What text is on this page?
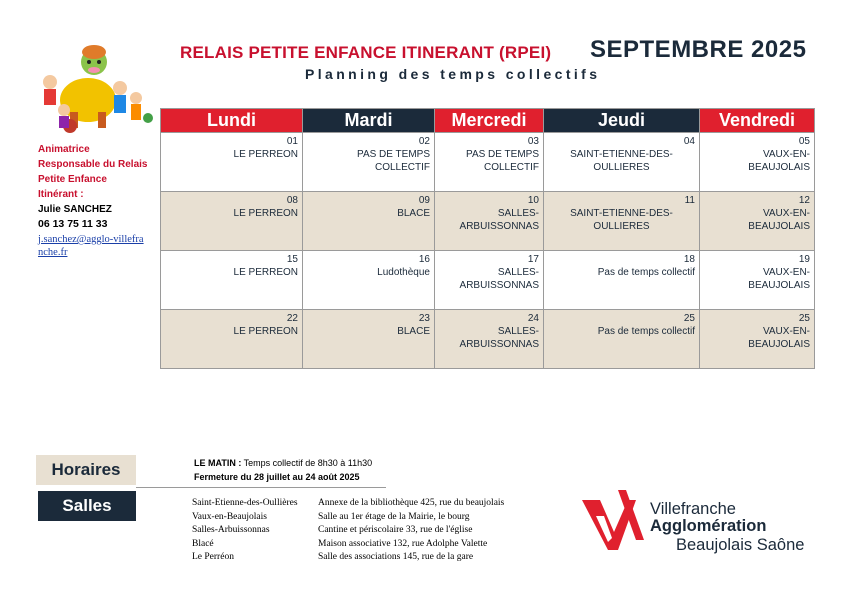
RELAIS PETITE ENFANCE ITINERANT (RPEI) SEPTEMBRE 2025
Planning des temps collectifs
Animatrice Responsable du Relais Petite Enfance Itinérant :
Julie SANCHEZ
06 13 75 11 33
j.sanchez@agglo-villefranche.fr
Lundi	Mardi	Mercredi	Jeudi	Vendredi

01
LE PERREON	02
PAS DE TEMPS COLLECTIF	03
PAS DE TEMPS COLLECTIF	04
SAINT-ETIENNE-DES-OULLIERES	05
VAUX-EN-BEAUJOLAIS

08
LE PERREON	09
BLACE	10
SALLES-ARBUISSONNAS	11
SAINT-ETIENNE-DES-OULLIERES	12
VAUX-EN-BEAUJOLAIS

15
LE PERREON	16
Ludothèque	17
SALLES-ARBUISSONNAS	18
Pas de temps collectif	19
VAUX-EN-BEAUJOLAIS

22
LE PERREON	23
BLACE	24
SALLES-ARBUISSONNAS	25
Pas de temps collectif	25
VAUX-EN-BEAUJOLAIS
Horaires	LE MATIN : Temps collectif de 8h30 à 11h30
Fermeture du 28 juillet au 24 août 2025
Salles	Saint-Etienne-des-Oullières	Annexe de la bibliothèque 425, rue du beaujolais
Vaux-en-Beaujolais	Salle au 1er étage de la Mairie, le bourg
Salles-Arbuissonnas	Cantine et périscolaire 33, rue de l'église
Blacé	Maison associative 132, rue Adolphe Valette
Le Perréon	Salle des associations 145, rue de la gare
Villefranche
Agglomération
Beaujolais Saône
